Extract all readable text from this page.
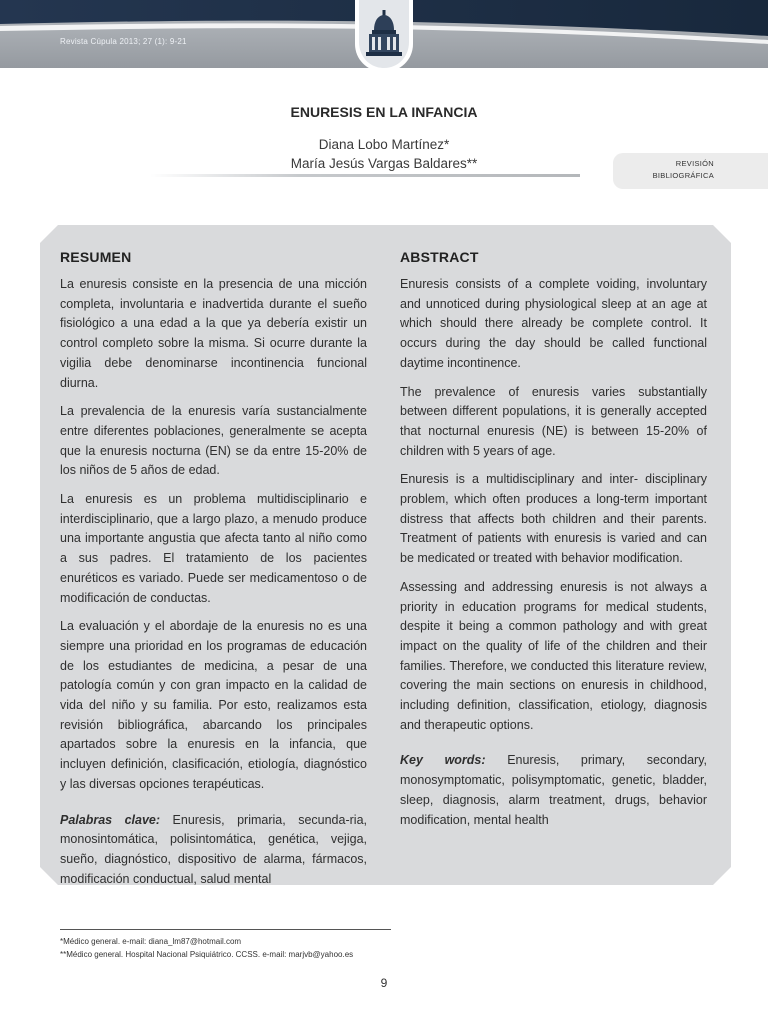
Revista Cúpula 2013; 27 (1): 9-21
ENURESIS EN LA INFANCIA
Diana Lobo Martínez*
María Jesús Vargas Baldares**	REVISIÓN
BIBLIOGRÁFICA
RESUMEN

La enuresis consiste en la presencia de una micción completa, involuntaria e inadvertida durante el sueño fisiológico a una edad a la que ya debería existir un control completo sobre la misma. Si ocurre durante la vigilia debe denominarse incontinencia funcional diurna.

La prevalencia de la enuresis varía sustancialmente entre diferentes poblaciones, generalmente se acepta que la enuresis nocturna (EN) se da entre 15-20% de los niños de 5 años de edad.

La enuresis es un problema multidisciplinario e interdisciplinario, que a largo plazo, a menudo produce una importante angustia que afecta tanto al niño como a sus padres. El tratamiento de los pacientes enuréticos es variado. Puede ser medicamentoso o de modificación de conductas.

La evaluación y el abordaje de la enuresis no es una siempre una prioridad en los programas de educación de los estudiantes de medicina, a pesar de una patología común y con gran impacto en la calidad de vida del niño y su familia. Por esto, realizamos esta revisión bibliográfica, abarcando los principales apartados sobre la enuresis en la infancia, que incluyen definición, clasificación, etiología, diagnóstico y las diversas opciones terapéuticas.

Palabras clave: Enuresis, primaria, secunda-ria, monosintomática, polisintomática, genética, vejiga, sueño, diagnóstico, dispositivo de alarma, fármacos, modificación conductual, salud mental

ABSTRACT

Enuresis consists of a complete voiding, involuntary and unnoticed during physiological sleep at an age at which should there already be complete control. It occurs during the day should be called functional daytime incontinence.

The prevalence of enuresis varies substantially between different populations, it is generally accepted that nocturnal enuresis (NE) is between 15-20% of children with 5 years of age.

Enuresis is a multidisciplinary and inter- disciplinary problem, which often produces a long-term important distress that affects both children and their parents. Treatment of patients with enuresis is varied and can be medicated or treated with behavior modification.

Assessing and addressing enuresis is not always a priority in education programs for medical students, despite it being a common pathology and with great impact on the quality of life of the children and their families. Therefore, we conducted this literature review, covering the main sections on enuresis in childhood, including definition, classification, etiology, diagnosis and therapeutic options.

Key words: Enuresis, primary, secondary, monosymptomatic, polisymptomatic, genetic, bladder, sleep, diagnosis, alarm treatment, drugs, behavior modification, mental health

*Médico general. e-mail: diana_lm87@hotmail.com
**Médico general. Hospital Nacional Psiquiátrico. CCSS. e-mail: marjvb@yahoo.es
9
